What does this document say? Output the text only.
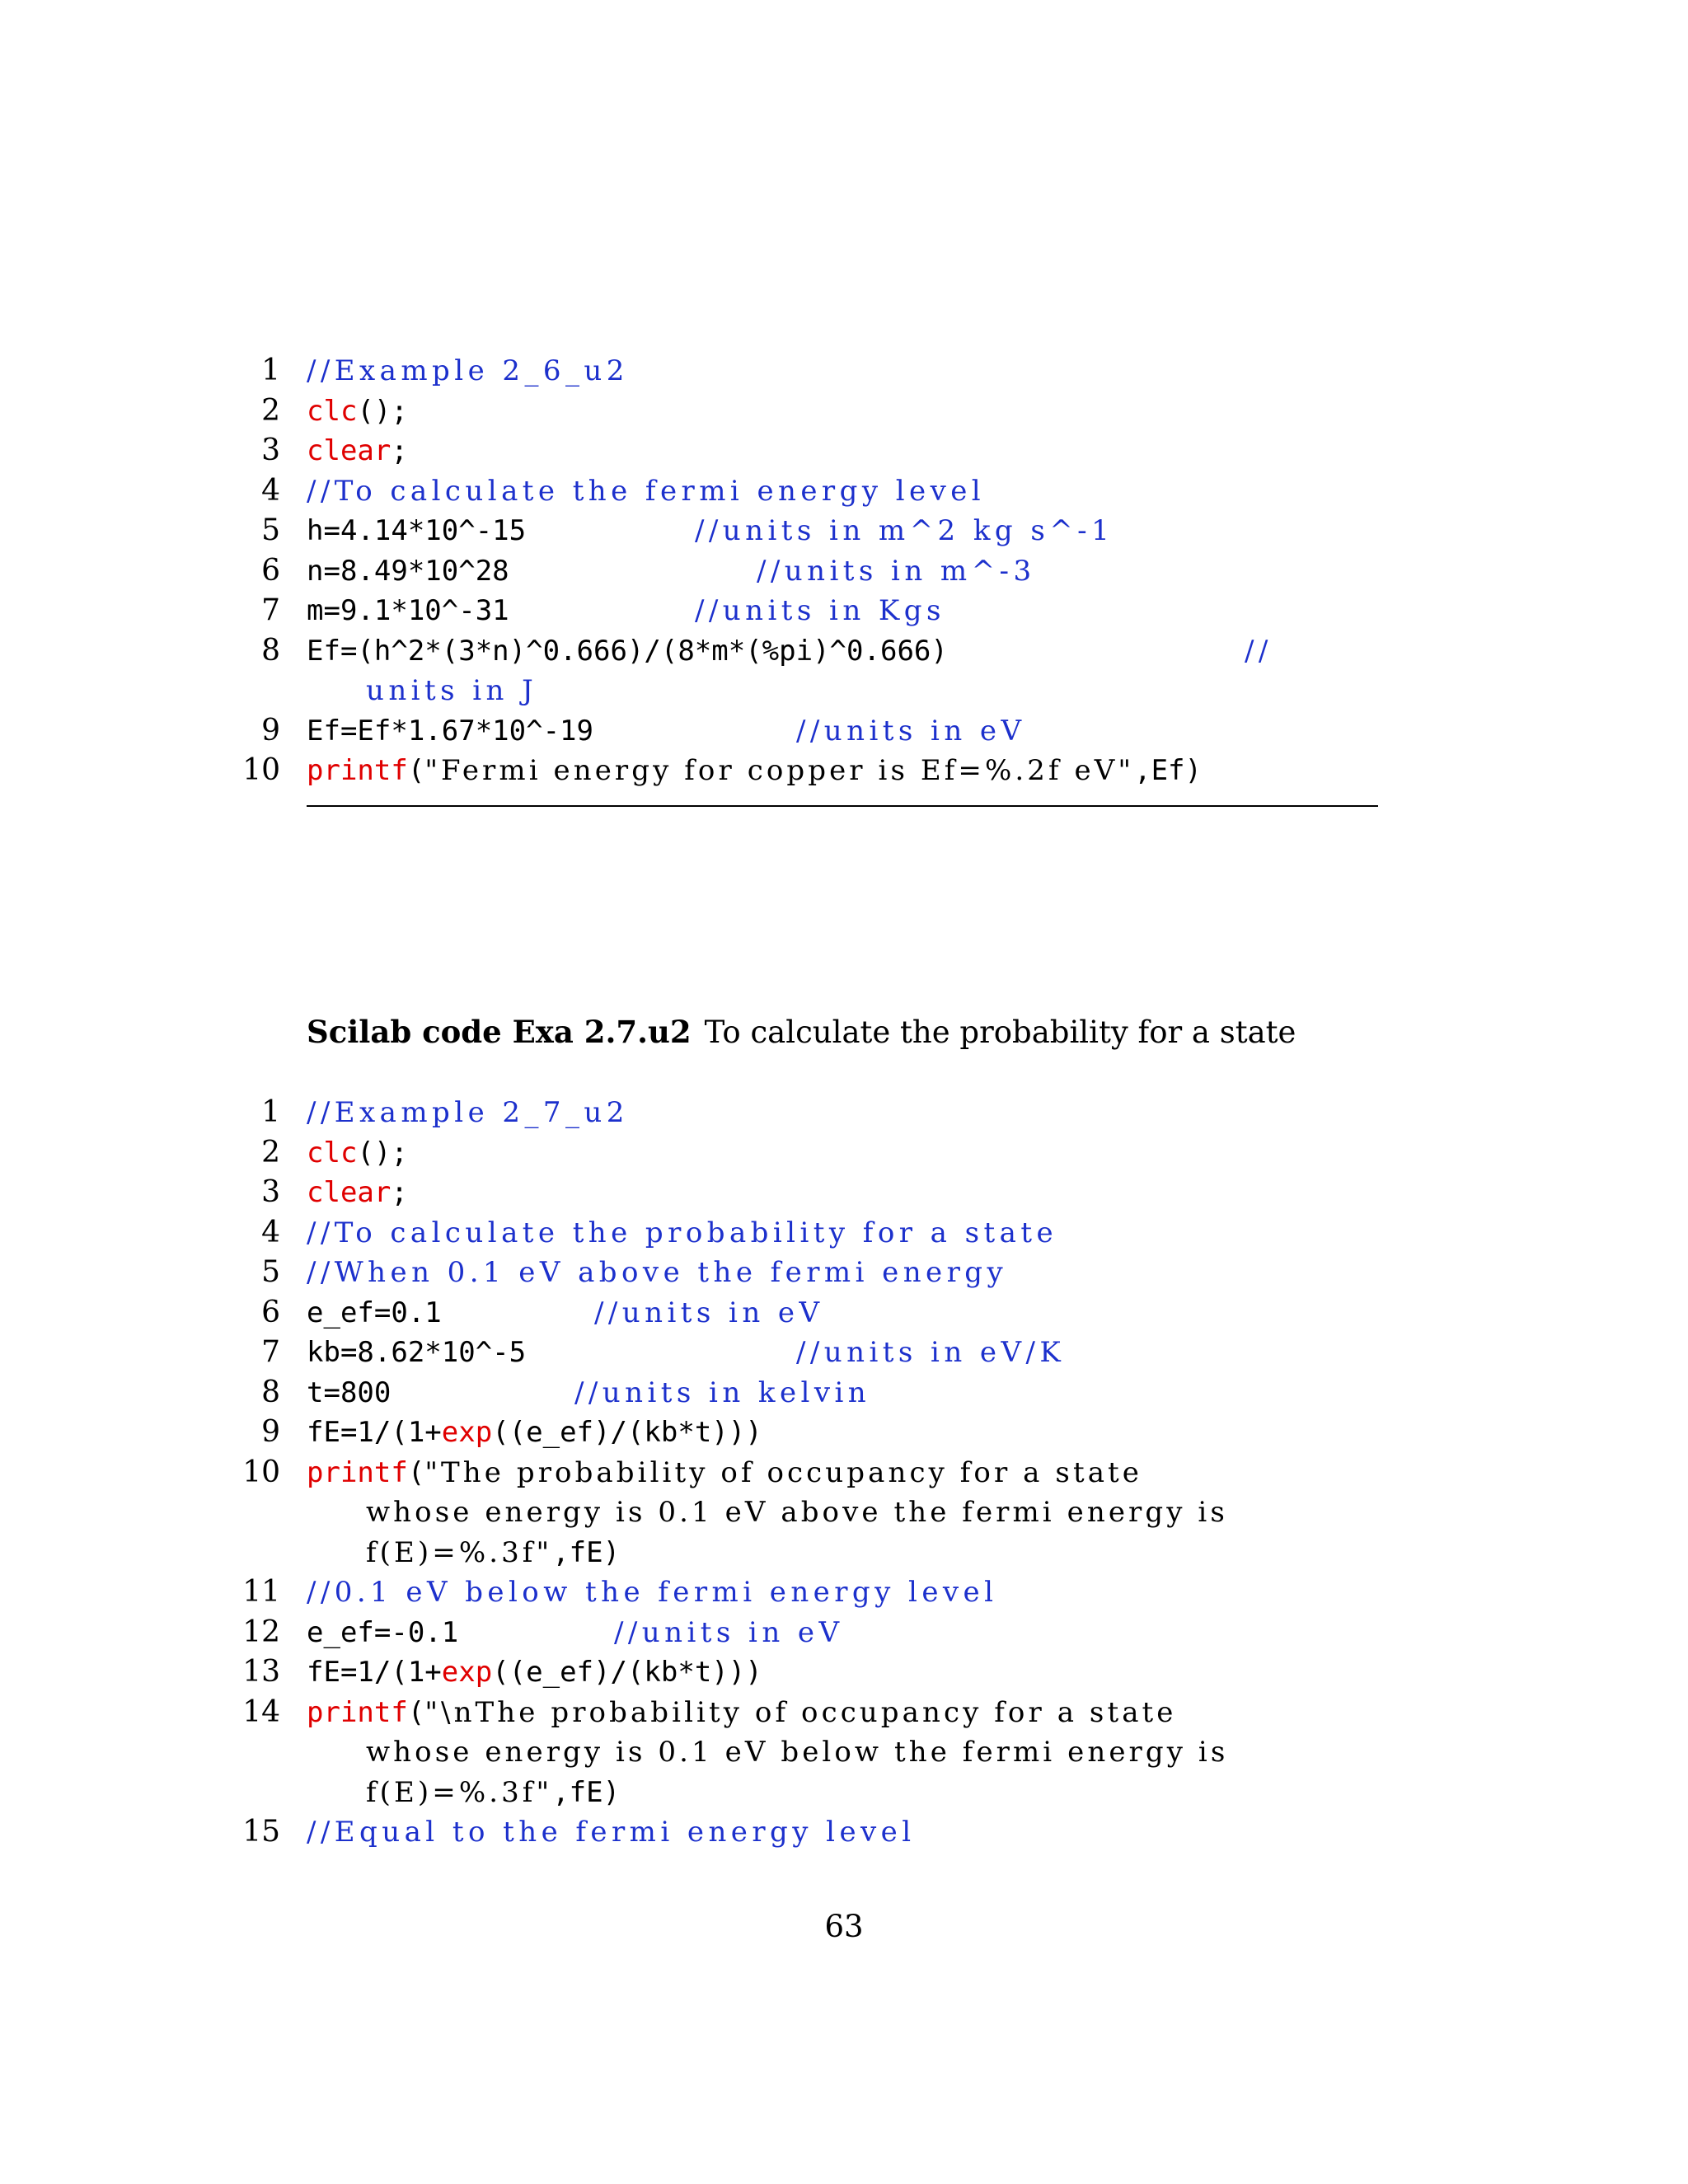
1 //Example 2_6_u2
2 clc();
3 clear;
4 //To calculate the fermi energy level
5 h=4.14*10^-15	//units in m^2 kg s^-1
6 n=8.49*10^28	//units in m^-3
7 m=9.1*10^-31	//units in Kgs
8 Ef=(h^2*(3*n)^0.666)/(8*m*(%pi)^0.666)	//
units in J
9 Ef=Ef*1.67*10^-19	//units in eV
10 printf("Fermi energy for copper is Ef=%.2f eV",Ef)
Scilab code Exa 2.7.u2 To calculate the probability for a state
1 //Example 2_7_u2
2 clc();
3 clear;
4 //To calculate the probability for a state
5 //When 0.1 eV above the fermi energy
6 e_ef=0.1	//units in eV
7 kb=8.62*10^-5	//units in eV/K
8 t=800	//units in kelvin
9 fE=1/(1+exp((e_ef)/(kb*t)))
10 printf("The probability of occupancy for a state
whose energy is 0.1 eV above the fermi energy is
f(E)=%.3f",fE)
11 //0.1 eV below the fermi energy level
12 e_ef=-0.1	//units in eV
13 fE=1/(1+exp((e_ef)/(kb*t)))
14 printf("\nThe probability of occupancy for a state
whose energy is 0.1 eV below the fermi energy is
f(E)=%.3f",fE)
15 //Equal to the fermi energy level
63
